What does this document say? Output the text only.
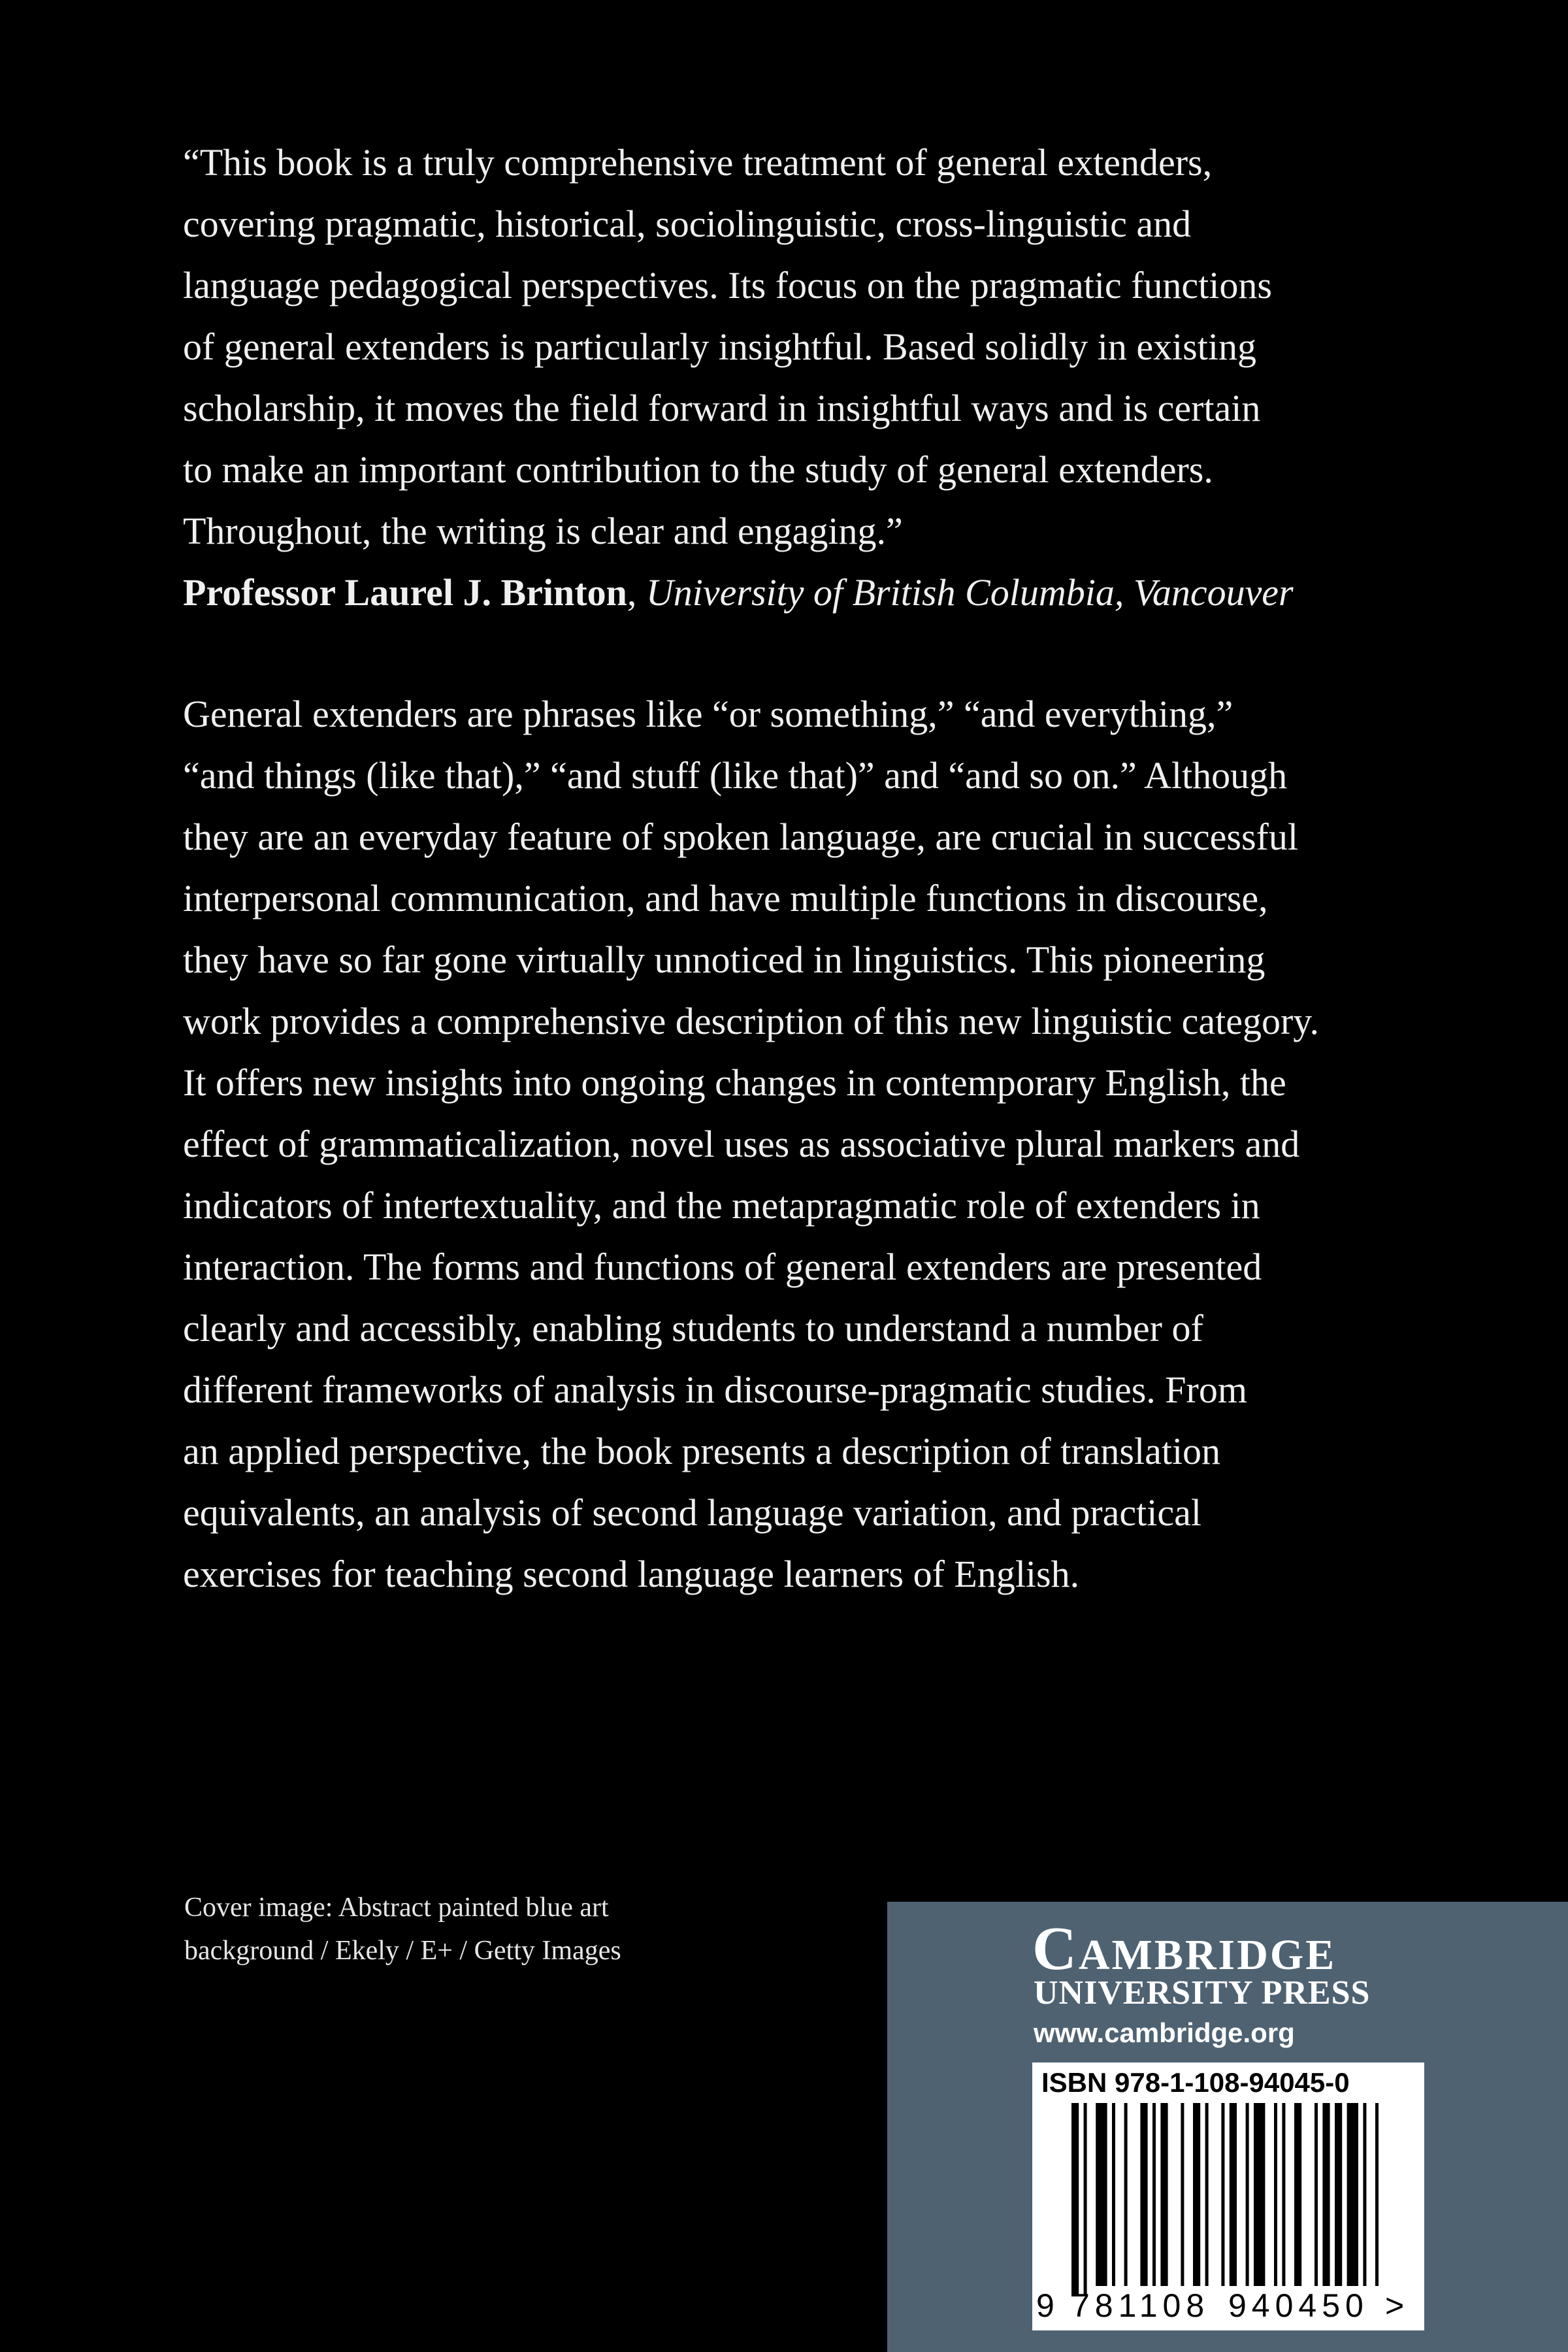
“This book is a truly comprehensive treatment of general extenders,
covering pragmatic, historical, sociolinguistic, cross-linguistic and
language pedagogical perspectives. Its focus on the pragmatic functions
of general extenders is particularly insightful. Based solidly in existing
scholarship, it moves the field forward in insightful ways and is certain
to make an important contribution to the study of general extenders.
Throughout, the writing is clear and engaging.”
Professor Laurel J. Brinton, University of British Columbia, Vancouver
General extenders are phrases like “or something,” “and everything,”
“and things (like that),” “and stuff (like that)” and “and so on.” Although
they are an everyday feature of spoken language, are crucial in successful
interpersonal communication, and have multiple functions in discourse,
they have so far gone virtually unnoticed in linguistics. This pioneering
work provides a comprehensive description of this new linguistic category.
It offers new insights into ongoing changes in contemporary English, the
effect of grammaticalization, novel uses as associative plural markers and
indicators of intertextuality, and the metapragmatic role of extenders in
interaction. The forms and functions of general extenders are presented
clearly and accessibly, enabling students to understand a number of
different frameworks of analysis in discourse-pragmatic studies. From
an applied perspective, the book presents a description of translation
equivalents, an analysis of second language variation, and practical
exercises for teaching second language learners of English.
Cover image: Abstract painted blue art
background / Ekely / E+ / Getty Images	Cambridge
UNIVERSITY PRESS
www.cambridge.org
ISBN 978-1-108-94045-0
9 781108 940450 >
